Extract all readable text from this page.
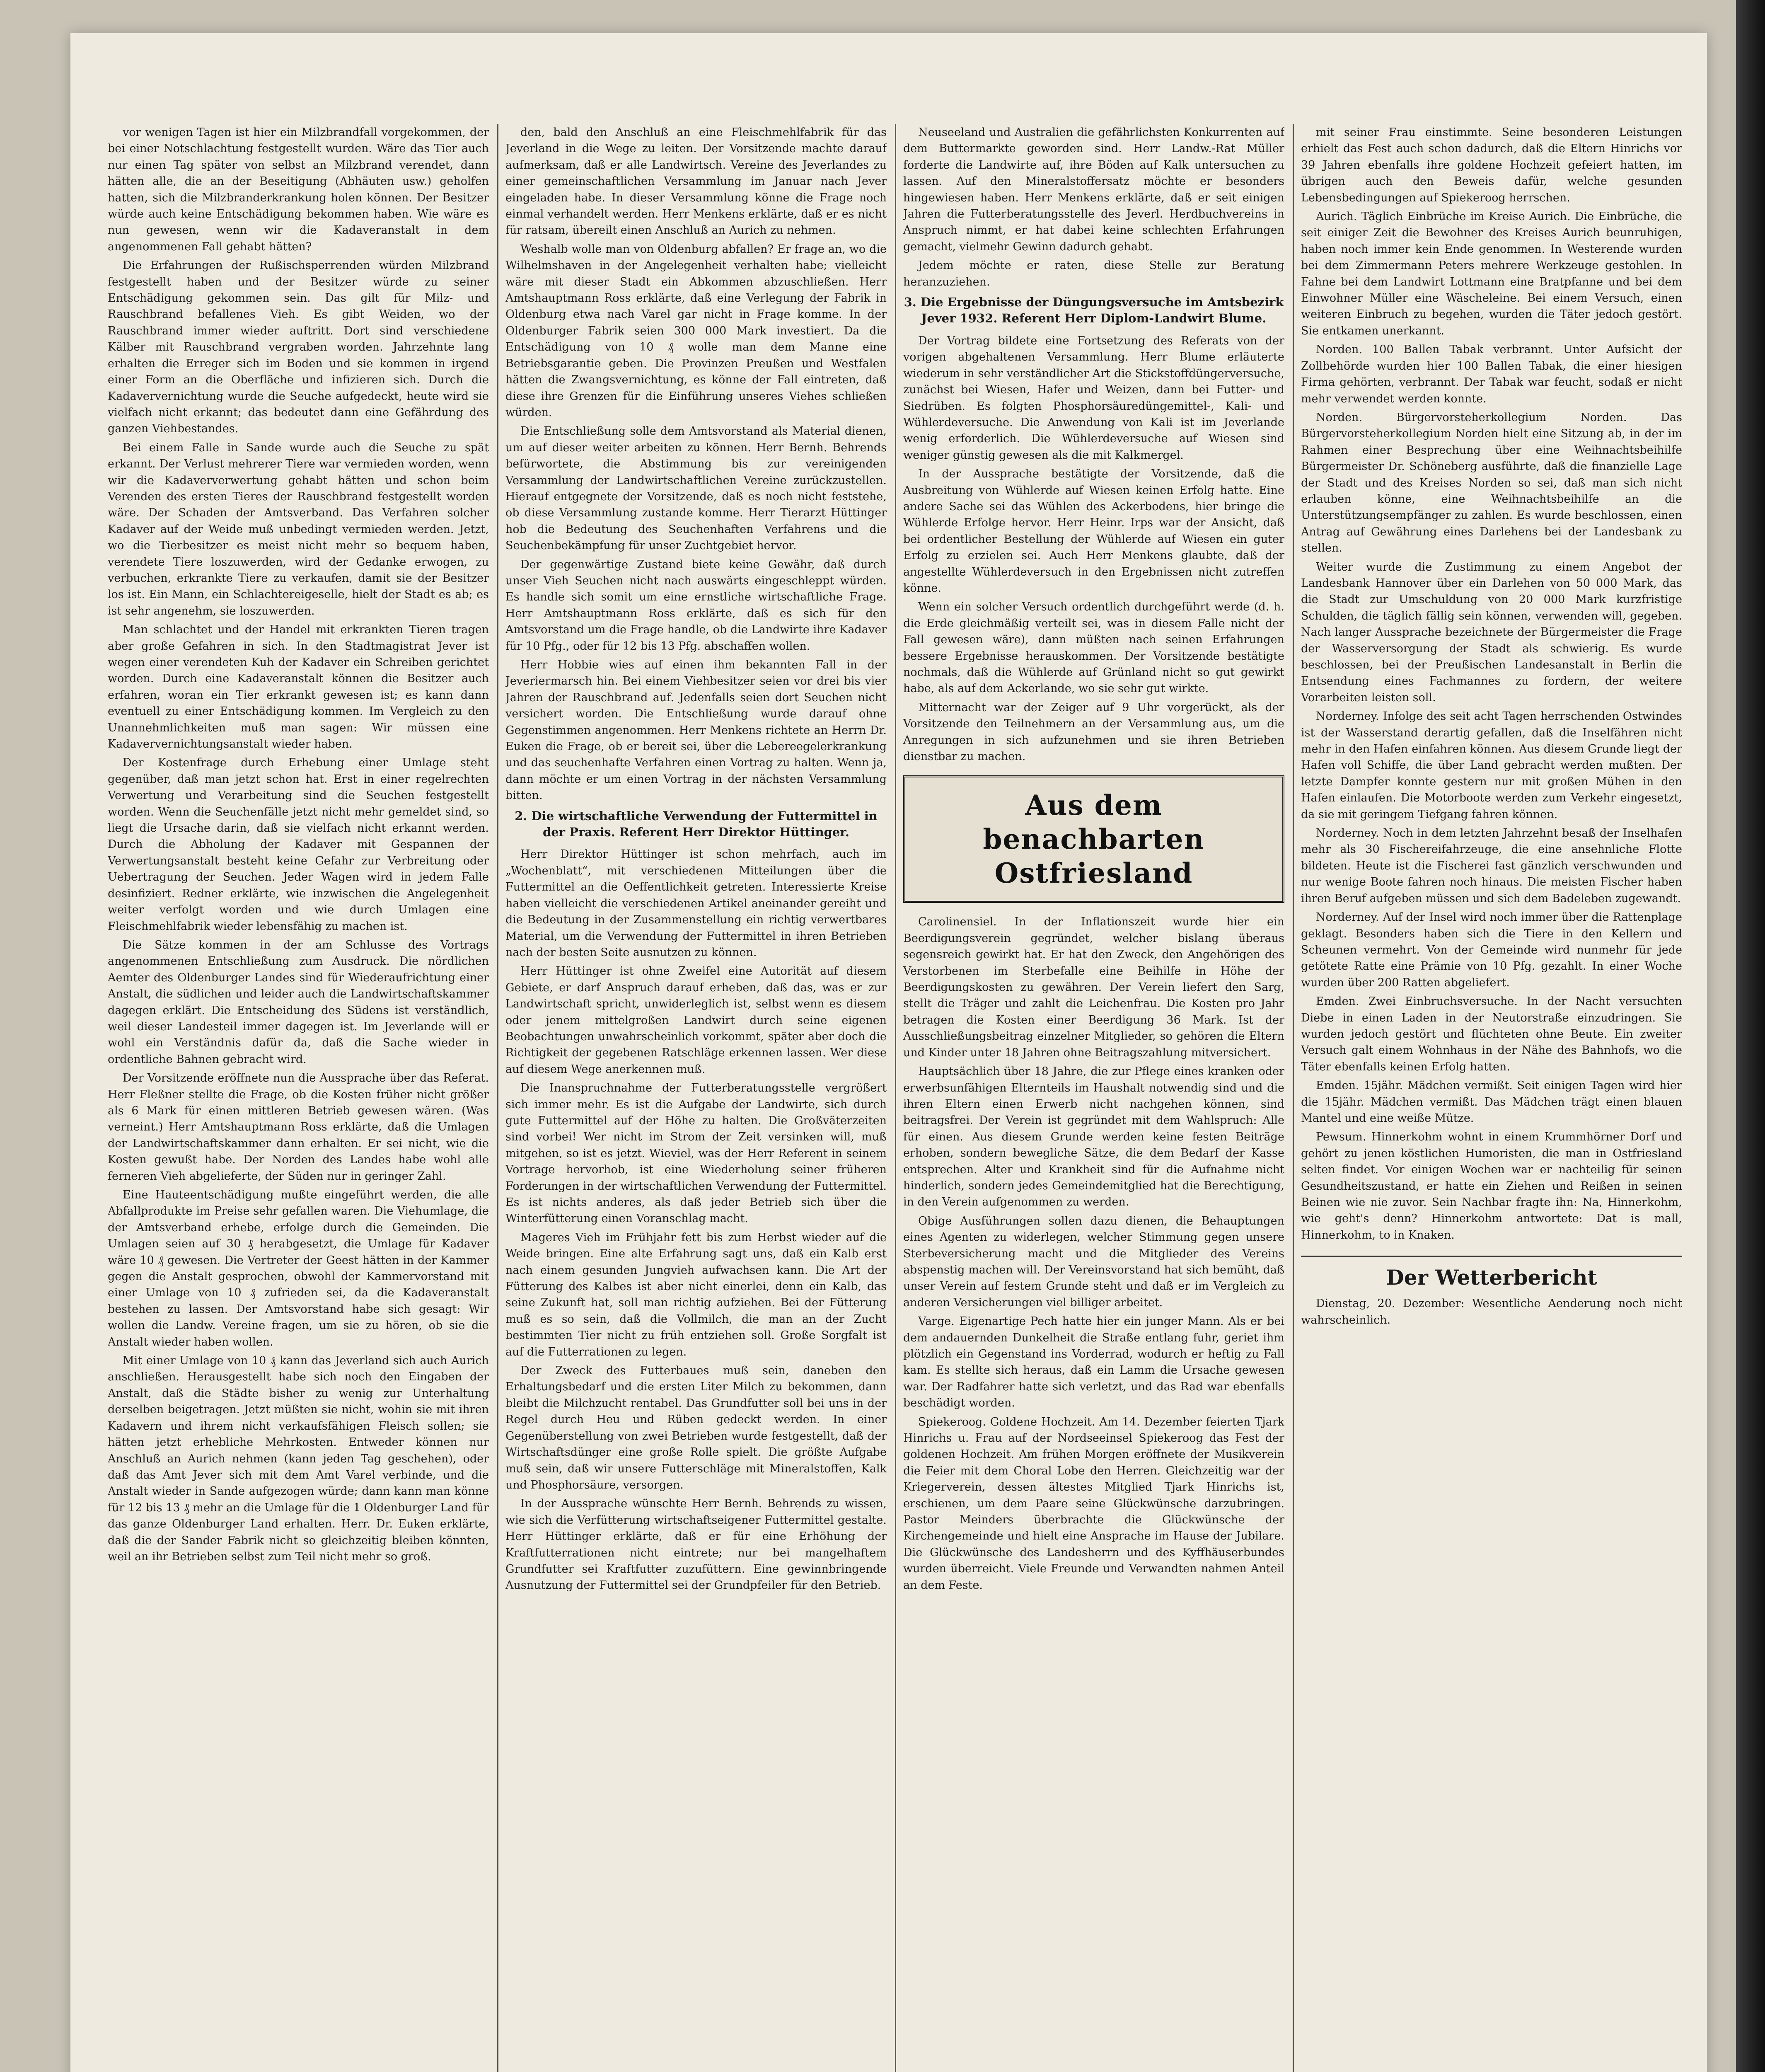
vor wenigen Tagen ist hier ein Milzbrandfall vorgekommen, der bei einer Notschlachtung festgestellt wurden. Wäre das Tier auch nur einen Tag später von selbst an Milzbrand verendet, dann hätten alle, die an der Beseitigung (Abhäuten usw.) geholfen hatten, sich die Milzbranderkrankung holen können. Der Besitzer würde auch keine Entschädigung bekommen haben. Wie wäre es nun gewesen, wenn wir die Kadaveranstalt in dem angenommenen Fall gehabt hätten?

Die Erfahrungen der Rußischsperrenden würden Milzbrand festgestellt haben und der Besitzer würde zu seiner Entschädigung gekommen sein. Das gilt für Milz- und Rauschbrand befallenes Vieh. Es gibt Weiden, wo der Rauschbrand immer wieder auftritt. Dort sind verschiedene Kälber mit Rauschbrand vergraben worden. Jahrzehnte lang erhalten die Erreger sich im Boden und sie kommen in irgend einer Form an die Oberfläche und infizieren sich. Durch die Kadaververnichtung wurde die Seuche aufgedeckt, heute wird sie vielfach nicht erkannt; das bedeutet dann eine Gefährdung des ganzen Viehbestandes.

Bei einem Falle in Sande wurde auch die Seuche zu spät erkannt. Der Verlust mehrerer Tiere war vermieden worden, wenn wir die Kadaververwertung gehabt hätten und schon beim Verenden des ersten Tieres der Rauschbrand festgestellt worden wäre. Der Schaden der Amtsverband. Das Verfahren solcher Kadaver auf der Weide muß unbedingt vermieden werden. Jetzt, wo die Tierbesitzer es meist nicht mehr so bequem haben, verendete Tiere loszuwerden, wird der Gedanke erwogen, zu verbuchen, erkrankte Tiere zu verkaufen, damit sie der Besitzer los ist. Ein Mann, ein Schlachtereigeselle, hielt der Stadt es ab; es ist sehr angenehm, sie loszuwerden.

Man schlachtet und der Handel mit erkrankten Tieren tragen aber große Gefahren in sich. In den Stadtmagistrat Jever ist wegen einer verendeten Kuh der Kadaver ein Schreiben gerichtet worden. Durch eine Kadaveranstalt können die Besitzer auch erfahren, woran ein Tier erkrankt gewesen ist; es kann dann eventuell zu einer Entschädigung kommen. Im Vergleich zu den Unannehmlichkeiten muß man sagen: Wir müssen eine Kadaververnichtungsanstalt wieder haben.

Der Kostenfrage durch Erhebung einer Umlage steht gegenüber, daß man jetzt schon hat. Erst in einer regelrechten Verwertung und Verarbeitung sind die Seuchen festgestellt worden. Wenn die Seuchenfälle jetzt nicht mehr gemeldet sind, so liegt die Ursache darin, daß sie vielfach nicht erkannt werden. Durch die Abholung der Kadaver mit Gespannen der Verwertungsanstalt besteht keine Gefahr zur Verbreitung oder Uebertragung der Seuchen. Jeder Wagen wird in jedem Falle desinfiziert. Redner erklärte, wie inzwischen die Angelegenheit weiter verfolgt worden und wie durch Umlagen eine Fleischmehlfabrik wieder lebensfähig zu machen ist.

Die Sätze kommen in der am Schlusse des Vortrags angenommenen Entschließung zum Ausdruck. Die nördlichen Aemter des Oldenburger Landes sind für Wiederaufrichtung einer Anstalt, die südlichen und leider auch die Landwirtschaftskammer dagegen erklärt. Die Entscheidung des Südens ist verständlich, weil dieser Landesteil immer dagegen ist. Im Jeverlande will er wohl ein Verständnis dafür da, daß die Sache wieder in ordentliche Bahnen gebracht wird.

Der Vorsitzende eröffnete nun die Aussprache über das Referat. Herr Fleßner stellte die Frage, ob die Kosten früher nicht größer als 6 Mark für einen mittleren Betrieb gewesen wären. (Was verneint.) Herr Amtshauptmann Ross erklärte, daß die Umlagen der Landwirtschaftskammer dann erhalten. Er sei nicht, wie die Kosten gewußt habe. Der Norden des Landes habe wohl alle ferneren Vieh abgelieferte, der Süden nur in geringer Zahl.

Eine Hauteentschädigung mußte eingeführt werden, die alle Abfallprodukte im Preise sehr gefallen waren. Die Viehumlage, die der Amtsverband erhebe, erfolge durch die Gemeinden. Die Umlagen seien auf 30 ₰ herabgesetzt, die Umlage für Kadaver wäre 10 ₰ gewesen. Die Vertreter der Geest hätten in der Kammer gegen die Anstalt gesprochen, obwohl der Kammervorstand mit einer Umlage von 10 ₰ zufrieden sei, da die Kadaveranstalt bestehen zu lassen. Der Amtsvorstand habe sich gesagt: Wir wollen die Landw. Vereine fragen, um sie zu hören, ob sie die Anstalt wieder haben wollen.

Mit einer Umlage von 10 ₰ kann das Jeverland sich auch Aurich anschließen. Herausgestellt habe sich noch den Eingaben der Anstalt, daß die Städte bisher zu wenig zur Unterhaltung derselben beigetragen. Jetzt müßten sie nicht, wohin sie mit ihren Kadavern und ihrem nicht verkaufsfähigen Fleisch sollen; sie hätten jetzt erhebliche Mehrkosten. Entweder können nur Anschluß an Aurich nehmen (kann jeden Tag geschehen), oder daß das Amt Jever sich mit dem Amt Varel verbinde, und die Anstalt wieder in Sande aufgezogen würde; dann kann man könne für 12 bis 13 ₰ mehr an die Umlage für die 1 Oldenburger Land für das ganze Oldenburger Land erhalten. Herr. Dr. Euken erklärte, daß die der Sander Fabrik nicht so gleichzeitig bleiben könnten, weil an ihr Betrieben selbst zum Teil nicht mehr so groß.

den, bald den Anschluß an eine Fleischmehlfabrik für das Jeverland in die Wege zu leiten. Der Vorsitzende machte darauf aufmerksam, daß er alle Landwirtsch. Vereine des Jeverlandes zu einer gemeinschaftlichen Versammlung im Januar nach Jever eingeladen habe. In dieser Versammlung könne die Frage noch einmal verhandelt werden. Herr Menkens erklärte, daß er es nicht für ratsam, übereilt einen Anschluß an Aurich zu nehmen.

Weshalb wolle man von Oldenburg abfallen? Er frage an, wo die Wilhelmshaven in der Angelegenheit verhalten habe; vielleicht wäre mit dieser Stadt ein Abkommen abzuschließen. Herr Amtshauptmann Ross erklärte, daß eine Verlegung der Fabrik in Oldenburg etwa nach Varel gar nicht in Frage komme. In der Oldenburger Fabrik seien 300 000 Mark investiert. Da die Entschädigung von 10 ₰ wolle man dem Manne eine Betriebsgarantie geben. Die Provinzen Preußen und Westfalen hätten die Zwangsvernichtung, es könne der Fall eintreten, daß diese ihre Grenzen für die Einführung unseres Viehes schließen würden.

Die Entschließung solle dem Amtsvorstand als Material dienen, um auf dieser weiter arbeiten zu können. Herr Bernh. Behrends befürwortete, die Abstimmung bis zur vereinigenden Versammlung der Landwirtschaftlichen Vereine zurückzustellen. Hierauf entgegnete der Vorsitzende, daß es noch nicht feststehe, ob diese Versammlung zustande komme. Herr Tierarzt Hüttinger hob die Bedeutung des Seuchenhaften Verfahrens und die Seuchenbekämpfung für unser Zuchtgebiet hervor.

Der gegenwärtige Zustand biete keine Gewähr, daß durch unser Vieh Seuchen nicht nach auswärts eingeschleppt würden. Es handle sich somit um eine ernstliche wirtschaftliche Frage. Herr Amtshauptmann Ross erklärte, daß es sich für den Amtsvorstand um die Frage handle, ob die Landwirte ihre Kadaver für 10 Pfg., oder für 12 bis 13 Pfg. abschaffen wollen.

Herr Hobbie wies auf einen ihm bekannten Fall in der Jeveriermarsch hin. Bei einem Viehbesitzer seien vor drei bis vier Jahren der Rauschbrand auf. Jedenfalls seien dort Seuchen nicht versichert worden. Die Entschließung wurde darauf ohne Gegenstimmen angenommen. Herr Menkens richtete an Herrn Dr. Euken die Frage, ob er bereit sei, über die Lebereegelerkrankung und das seuchenhafte Verfahren einen Vortrag zu halten. Wenn ja, dann möchte er um einen Vortrag in der nächsten Versammlung bitten.

2. Die wirtschaftliche Verwendung der Futtermittel in der Praxis. Referent Herr Direktor Hüttinger.

Herr Direktor Hüttinger ist schon mehrfach, auch im „Wochenblatt“, mit verschiedenen Mitteilungen über die Futtermittel an die Oeffentlichkeit getreten. Interessierte Kreise haben vielleicht die verschiedenen Artikel aneinander gereiht und die Bedeutung in der Zusammenstellung ein richtig verwertbares Material, um die Verwendung der Futtermittel in ihren Betrieben nach der besten Seite ausnutzen zu können.

Herr Hüttinger ist ohne Zweifel eine Autorität auf diesem Gebiete, er darf Anspruch darauf erheben, daß das, was er zur Landwirtschaft spricht, unwiderleglich ist, selbst wenn es diesem oder jenem mittelgroßen Landwirt durch seine eigenen Beobachtungen unwahrscheinlich vorkommt, später aber doch die Richtigkeit der gegebenen Ratschläge erkennen lassen. Wer diese auf diesem Wege anerkennen muß.

Die Inanspruchnahme der Futterberatungsstelle vergrößert sich immer mehr. Es ist die Aufgabe der Landwirte, sich durch gute Futtermittel auf der Höhe zu halten. Die Großväterzeiten sind vorbei! Wer nicht im Strom der Zeit versinken will, muß mitgehen, so ist es jetzt. Wieviel, was der Herr Referent in seinem Vortrage hervorhob, ist eine Wiederholung seiner früheren Forderungen in der wirtschaftlichen Verwendung der Futtermittel. Es ist nichts anderes, als daß jeder Betrieb sich über die Winterfütterung einen Voranschlag macht.

Mageres Vieh im Frühjahr fett bis zum Herbst wieder auf die Weide bringen. Eine alte Erfahrung sagt uns, daß ein Kalb erst nach einem gesunden Jungvieh aufwachsen kann. Die Art der Fütterung des Kalbes ist aber nicht einerlei, denn ein Kalb, das seine Zukunft hat, soll man richtig aufziehen. Bei der Fütterung muß es so sein, daß die Vollmilch, die man an der Zucht bestimmten Tier nicht zu früh entziehen soll. Große Sorgfalt ist auf die Futterrationen zu legen.

Der Zweck des Futterbaues muß sein, daneben den Erhaltungsbedarf und die ersten Liter Milch zu bekommen, dann bleibt die Milchzucht rentabel. Das Grundfutter soll bei uns in der Regel durch Heu und Rüben gedeckt werden. In einer Gegenüberstellung von zwei Betrieben wurde festgestellt, daß der Wirtschaftsdünger eine große Rolle spielt. Die größte Aufgabe muß sein, daß wir unsere Futterschläge mit Mineralstoffen, Kalk und Phosphorsäure, versorgen.

In der Aussprache wünschte Herr Bernh. Behrends zu wissen, wie sich die Verfütterung wirtschaftseigener Futtermittel gestalte. Herr Hüttinger erklärte, daß er für eine Erhöhung der Kraftfutterrationen nicht eintrete; nur bei mangelhaftem Grundfutter sei Kraftfutter zuzufüttern. Eine gewinnbringende Ausnutzung der Futtermittel sei der Grundpfeiler für den Betrieb.

Neuseeland und Australien die gefährlichsten Konkurrenten auf dem Buttermarkte geworden sind. Herr Landw.-Rat Müller forderte die Landwirte auf, ihre Böden auf Kalk untersuchen zu lassen. Auf den Mineralstoffersatz möchte er besonders hingewiesen haben. Herr Menkens erklärte, daß er seit einigen Jahren die Futterberatungsstelle des Jeverl. Herdbuchvereins in Anspruch nimmt, er hat dabei keine schlechten Erfahrungen gemacht, vielmehr Gewinn dadurch gehabt.

Jedem möchte er raten, diese Stelle zur Beratung heranzuziehen.

3. Die Ergebnisse der Düngungsversuche im Amtsbezirk Jever 1932. Referent Herr Diplom-Landwirt Blume.

Der Vortrag bildete eine Fortsetzung des Referats von der vorigen abgehaltenen Versammlung. Herr Blume erläuterte wiederum in sehr verständlicher Art die Stickstoffdüngerversuche, zunächst bei Wiesen, Hafer und Weizen, dann bei Futter- und Siedrüben. Es folgten Phosphorsäuredüngemittel-, Kali- und Wühlerdeversuche. Die Anwendung von Kali ist im Jeverlande wenig erforderlich. Die Wühlerdeversuche auf Wiesen sind weniger günstig gewesen als die mit Kalkmergel.

In der Aussprache bestätigte der Vorsitzende, daß die Ausbreitung von Wühlerde auf Wiesen keinen Erfolg hatte. Eine andere Sache sei das Wühlen des Ackerbodens, hier bringe die Wühlerde Erfolge hervor. Herr Heinr. Irps war der Ansicht, daß bei ordentlicher Bestellung der Wühlerde auf Wiesen ein guter Erfolg zu erzielen sei. Auch Herr Menkens glaubte, daß der angestellte Wühlerdeversuch in den Ergebnissen nicht zutreffen könne.

Wenn ein solcher Versuch ordentlich durchgeführt werde (d. h. die Erde gleichmäßig verteilt sei, was in diesem Falle nicht der Fall gewesen wäre), dann müßten nach seinen Erfahrungen bessere Ergebnisse herauskommen. Der Vorsitzende bestätigte nochmals, daß die Wühlerde auf Grünland nicht so gut gewirkt habe, als auf dem Ackerlande, wo sie sehr gut wirkte.

Mitternacht war der Zeiger auf 9 Uhr vorgerückt, als der Vorsitzende den Teilnehmern an der Versammlung aus, um die Anregungen in sich aufzunehmen und sie ihren Betrieben dienstbar zu machen.

Aus dem benachbarten
Ostfriesland

Carolinensiel. In der Inflationszeit wurde hier ein Beerdigungsverein gegründet, welcher bislang überaus segensreich gewirkt hat. Er hat den Zweck, den Angehörigen des Verstorbenen im Sterbefalle eine Beihilfe in Höhe der Beerdigungskosten zu gewähren. Der Verein liefert den Sarg, stellt die Träger und zahlt die Leichenfrau. Die Kosten pro Jahr betragen die Kosten einer Beerdigung 36 Mark. Ist der Ausschließungsbeitrag einzelner Mitglieder, so gehören die Eltern und Kinder unter 18 Jahren ohne Beitragszahlung mitversichert.

Hauptsächlich über 18 Jahre, die zur Pflege eines kranken oder erwerbsunfähigen Elternteils im Haushalt notwendig sind und die ihren Eltern einen Erwerb nicht nachgehen können, sind beitragsfrei. Der Verein ist gegründet mit dem Wahlspruch: Alle für einen. Aus diesem Grunde werden keine festen Beiträge erhoben, sondern bewegliche Sätze, die dem Bedarf der Kasse entsprechen. Alter und Krankheit sind für die Aufnahme nicht hinderlich, sondern jedes Gemeindemitglied hat die Berechtigung, in den Verein aufgenommen zu werden.

Obige Ausführungen sollen dazu dienen, die Behauptungen eines Agenten zu widerlegen, welcher Stimmung gegen unsere Sterbeversicherung macht und die Mitglieder des Vereins abspenstig machen will. Der Vereinsvorstand hat sich bemüht, daß unser Verein auf festem Grunde steht und daß er im Vergleich zu anderen Versicherungen viel billiger arbeitet.

Varge. Eigenartige Pech hatte hier ein junger Mann. Als er bei dem andauernden Dunkelheit die Straße entlang fuhr, geriet ihm plötzlich ein Gegenstand ins Vorderrad, wodurch er heftig zu Fall kam. Es stellte sich heraus, daß ein Lamm die Ursache gewesen war. Der Radfahrer hatte sich verletzt, und das Rad war ebenfalls beschädigt worden.

Spiekeroog. Goldene Hochzeit. Am 14. Dezember feierten Tjark Hinrichs u. Frau auf der Nordseeinsel Spiekeroog das Fest der goldenen Hochzeit. Am frühen Morgen eröffnete der Musikverein die Feier mit dem Choral Lobe den Herren. Gleichzeitig war der Kriegerverein, dessen ältestes Mitglied Tjark Hinrichs ist, erschienen, um dem Paare seine Glückwünsche darzubringen. Pastor Meinders überbrachte die Glückwünsche der Kirchengemeinde und hielt eine Ansprache im Hause der Jubilare. Die Glückwünsche des Landesherrn und des Kyffhäuserbundes wurden überreicht. Viele Freunde und Verwandten nahmen Anteil an dem Feste.

mit seiner Frau einstimmte. Seine besonderen Leistungen erhielt das Fest auch schon dadurch, daß die Eltern Hinrichs vor 39 Jahren ebenfalls ihre goldene Hochzeit gefeiert hatten, im übrigen auch den Beweis dafür, welche gesunden Lebensbedingungen auf Spiekeroog herrschen.

Aurich. Täglich Einbrüche im Kreise Aurich. Die Einbrüche, die seit einiger Zeit die Bewohner des Kreises Aurich beunruhigen, haben noch immer kein Ende genommen. In Westerende wurden bei dem Zimmermann Peters mehrere Werkzeuge gestohlen. In Fahne bei dem Landwirt Lottmann eine Bratpfanne und bei dem Einwohner Müller eine Wäscheleine. Bei einem Versuch, einen weiteren Einbruch zu begehen, wurden die Täter jedoch gestört. Sie entkamen unerkannt.

Norden. 100 Ballen Tabak verbrannt. Unter Aufsicht der Zollbehörde wurden hier 100 Ballen Tabak, die einer hiesigen Firma gehörten, verbrannt. Der Tabak war feucht, sodaß er nicht mehr verwendet werden konnte.

Norden. Bürgervorsteherkollegium Norden. Das Bürgervorsteherkollegium Norden hielt eine Sitzung ab, in der im Rahmen einer Besprechung über eine Weihnachtsbeihilfe Bürgermeister Dr. Schöneberg ausführte, daß die finanzielle Lage der Stadt und des Kreises Norden so sei, daß man sich nicht erlauben könne, eine Weihnachtsbeihilfe an die Unterstützungsempfänger zu zahlen. Es wurde beschlossen, einen Antrag auf Gewährung eines Darlehens bei der Landesbank zu stellen.

Weiter wurde die Zustimmung zu einem Angebot der Landesbank Hannover über ein Darlehen von 50 000 Mark, das die Stadt zur Umschuldung von 20 000 Mark kurzfristige Schulden, die täglich fällig sein können, verwenden will, gegeben. Nach langer Aussprache bezeichnete der Bürgermeister die Frage der Wasserversorgung der Stadt als schwierig. Es wurde beschlossen, bei der Preußischen Landesanstalt in Berlin die Entsendung eines Fachmannes zu fordern, der weitere Vorarbeiten leisten soll.

Norderney. Infolge des seit acht Tagen herrschenden Ostwindes ist der Wasserstand derartig gefallen, daß die Inselfähren nicht mehr in den Hafen einfahren können. Aus diesem Grunde liegt der Hafen voll Schiffe, die über Land gebracht werden mußten. Der letzte Dampfer konnte gestern nur mit großen Mühen in den Hafen einlaufen. Die Motorboote werden zum Verkehr eingesetzt, da sie mit geringem Tiefgang fahren können.

Norderney. Noch in dem letzten Jahrzehnt besaß der Inselhafen mehr als 30 Fischereifahrzeuge, die eine ansehnliche Flotte bildeten. Heute ist die Fischerei fast gänzlich verschwunden und nur wenige Boote fahren noch hinaus. Die meisten Fischer haben ihren Beruf aufgeben müssen und sich dem Badeleben zugewandt.

Norderney. Auf der Insel wird noch immer über die Rattenplage geklagt. Besonders haben sich die Tiere in den Kellern und Scheunen vermehrt. Von der Gemeinde wird nunmehr für jede getötete Ratte eine Prämie von 10 Pfg. gezahlt. In einer Woche wurden über 200 Ratten abgeliefert.

Emden. Zwei Einbruchsversuche. In der Nacht versuchten Diebe in einen Laden in der Neutorstraße einzudringen. Sie wurden jedoch gestört und flüchteten ohne Beute. Ein zweiter Versuch galt einem Wohnhaus in der Nähe des Bahnhofs, wo die Täter ebenfalls keinen Erfolg hatten.

Emden. 15jähr. Mädchen vermißt. Seit einigen Tagen wird hier die 15jähr. Mädchen vermißt. Das Mädchen trägt einen blauen Mantel und eine weiße Mütze.

Pewsum. Hinnerkohm wohnt in einem Krummhörner Dorf und gehört zu jenen köstlichen Humoristen, die man in Ostfriesland selten findet. Vor einigen Wochen war er nachteilig für seinen Gesundheitszustand, er hatte ein Ziehen und Reißen in seinen Beinen wie nie zuvor. Sein Nachbar fragte ihn: Na, Hinnerkohm, wie geht's denn? Hinnerkohm antwortete: Dat is mall, Hinnerkohm, to in Knaken.

Der Wetterbericht

Dienstag, 20. Dezember: Wesentliche Aenderung noch nicht wahrscheinlich.
